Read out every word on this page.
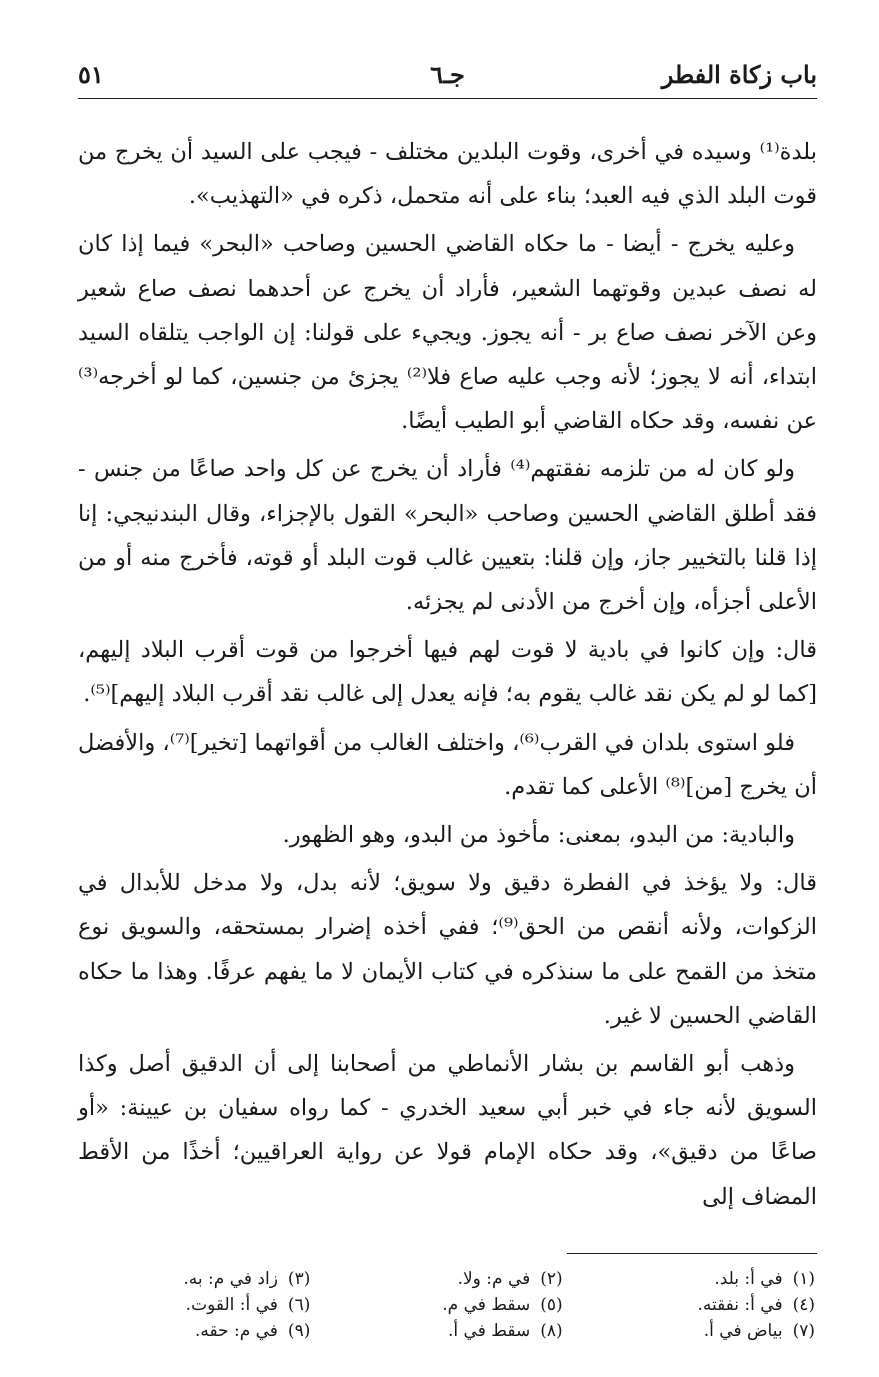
باب زكاة الفطر
جـ٦
٥١

بلدة⁽¹⁾ وسيده في أخرى، وقوت البلدين مختلف - فيجب على السيد أن يخرج من قوت البلد الذي فيه العبد؛ بناء على أنه متحمل، ذكره في «التهذيب».

وعليه يخرج - أيضا - ما حكاه القاضي الحسين وصاحب «البحر» فيما إذا كان له نصف عبدين وقوتهما الشعير، فأراد أن يخرج عن أحدهما نصف صاع شعير وعن الآخر نصف صاع بر - أنه يجوز. ويجيء على قولنا: إن الواجب يتلقاه السيد ابتداء، أنه لا يجوز؛ لأنه وجب عليه صاع فلا⁽²⁾ يجزئ من جنسين، كما لو أخرجه⁽³⁾ عن نفسه، وقد حكاه القاضي أبو الطيب أيضًا.

ولو كان له من تلزمه نفقتهم⁽⁴⁾ فأراد أن يخرج عن كل واحد صاعًا من جنس - فقد أطلق القاضي الحسين وصاحب «البحر» القول بالإجزاء، وقال البندنيجي: إنا إذا قلنا بالتخيير جاز، وإن قلنا: بتعيين غالب قوت البلد أو قوته، فأخرج منه أو من الأعلى أجزأه، وإن أخرج من الأدنى لم يجزئه.

قال: وإن كانوا في بادية لا قوت لهم فيها أخرجوا من قوت أقرب البلاد إليهم، [كما لو لم يكن نقد غالب يقوم به؛ فإنه يعدل إلى غالب نقد أقرب البلاد إليهم]⁽⁵⁾.

فلو استوى بلدان في القرب⁽⁶⁾، واختلف الغالب من أقواتهما [تخير]⁽⁷⁾، والأفضل أن يخرج [من]⁽⁸⁾ الأعلى كما تقدم.

والبادية: من البدو، بمعنى: مأخوذ من البدو، وهو الظهور.

قال: ولا يؤخذ في الفطرة دقيق ولا سويق؛ لأنه بدل، ولا مدخل للأبدال في الزكوات، ولأنه أنقص من الحق⁽⁹⁾؛ ففي أخذه إضرار بمستحقه، والسويق نوع متخذ من القمح على ما سنذكره في كتاب الأيمان لا ما يفهم عرفًا. وهذا ما حكاه القاضي الحسين لا غير.

وذهب أبو القاسم بن بشار الأنماطي من أصحابنا إلى أن الدقيق أصل وكذا السويق لأنه جاء في خبر أبي سعيد الخدري - كما رواه سفيان بن عيينة: «أو صاعًا من دقيق»، وقد حكاه الإمام قولا عن رواية العراقيين؛ أخذًا من الأقط المضاف إلى

(١)في أ: بلد.
(٢)في م: ولا.
(٣)زاد في م: به.
(٤)في أ: نفقته.
(٥)سقط في م.
(٦)في أ: القوت.
(٧)بياض في أ.
(٨)سقط في أ.
(٩)في م: حقه.
